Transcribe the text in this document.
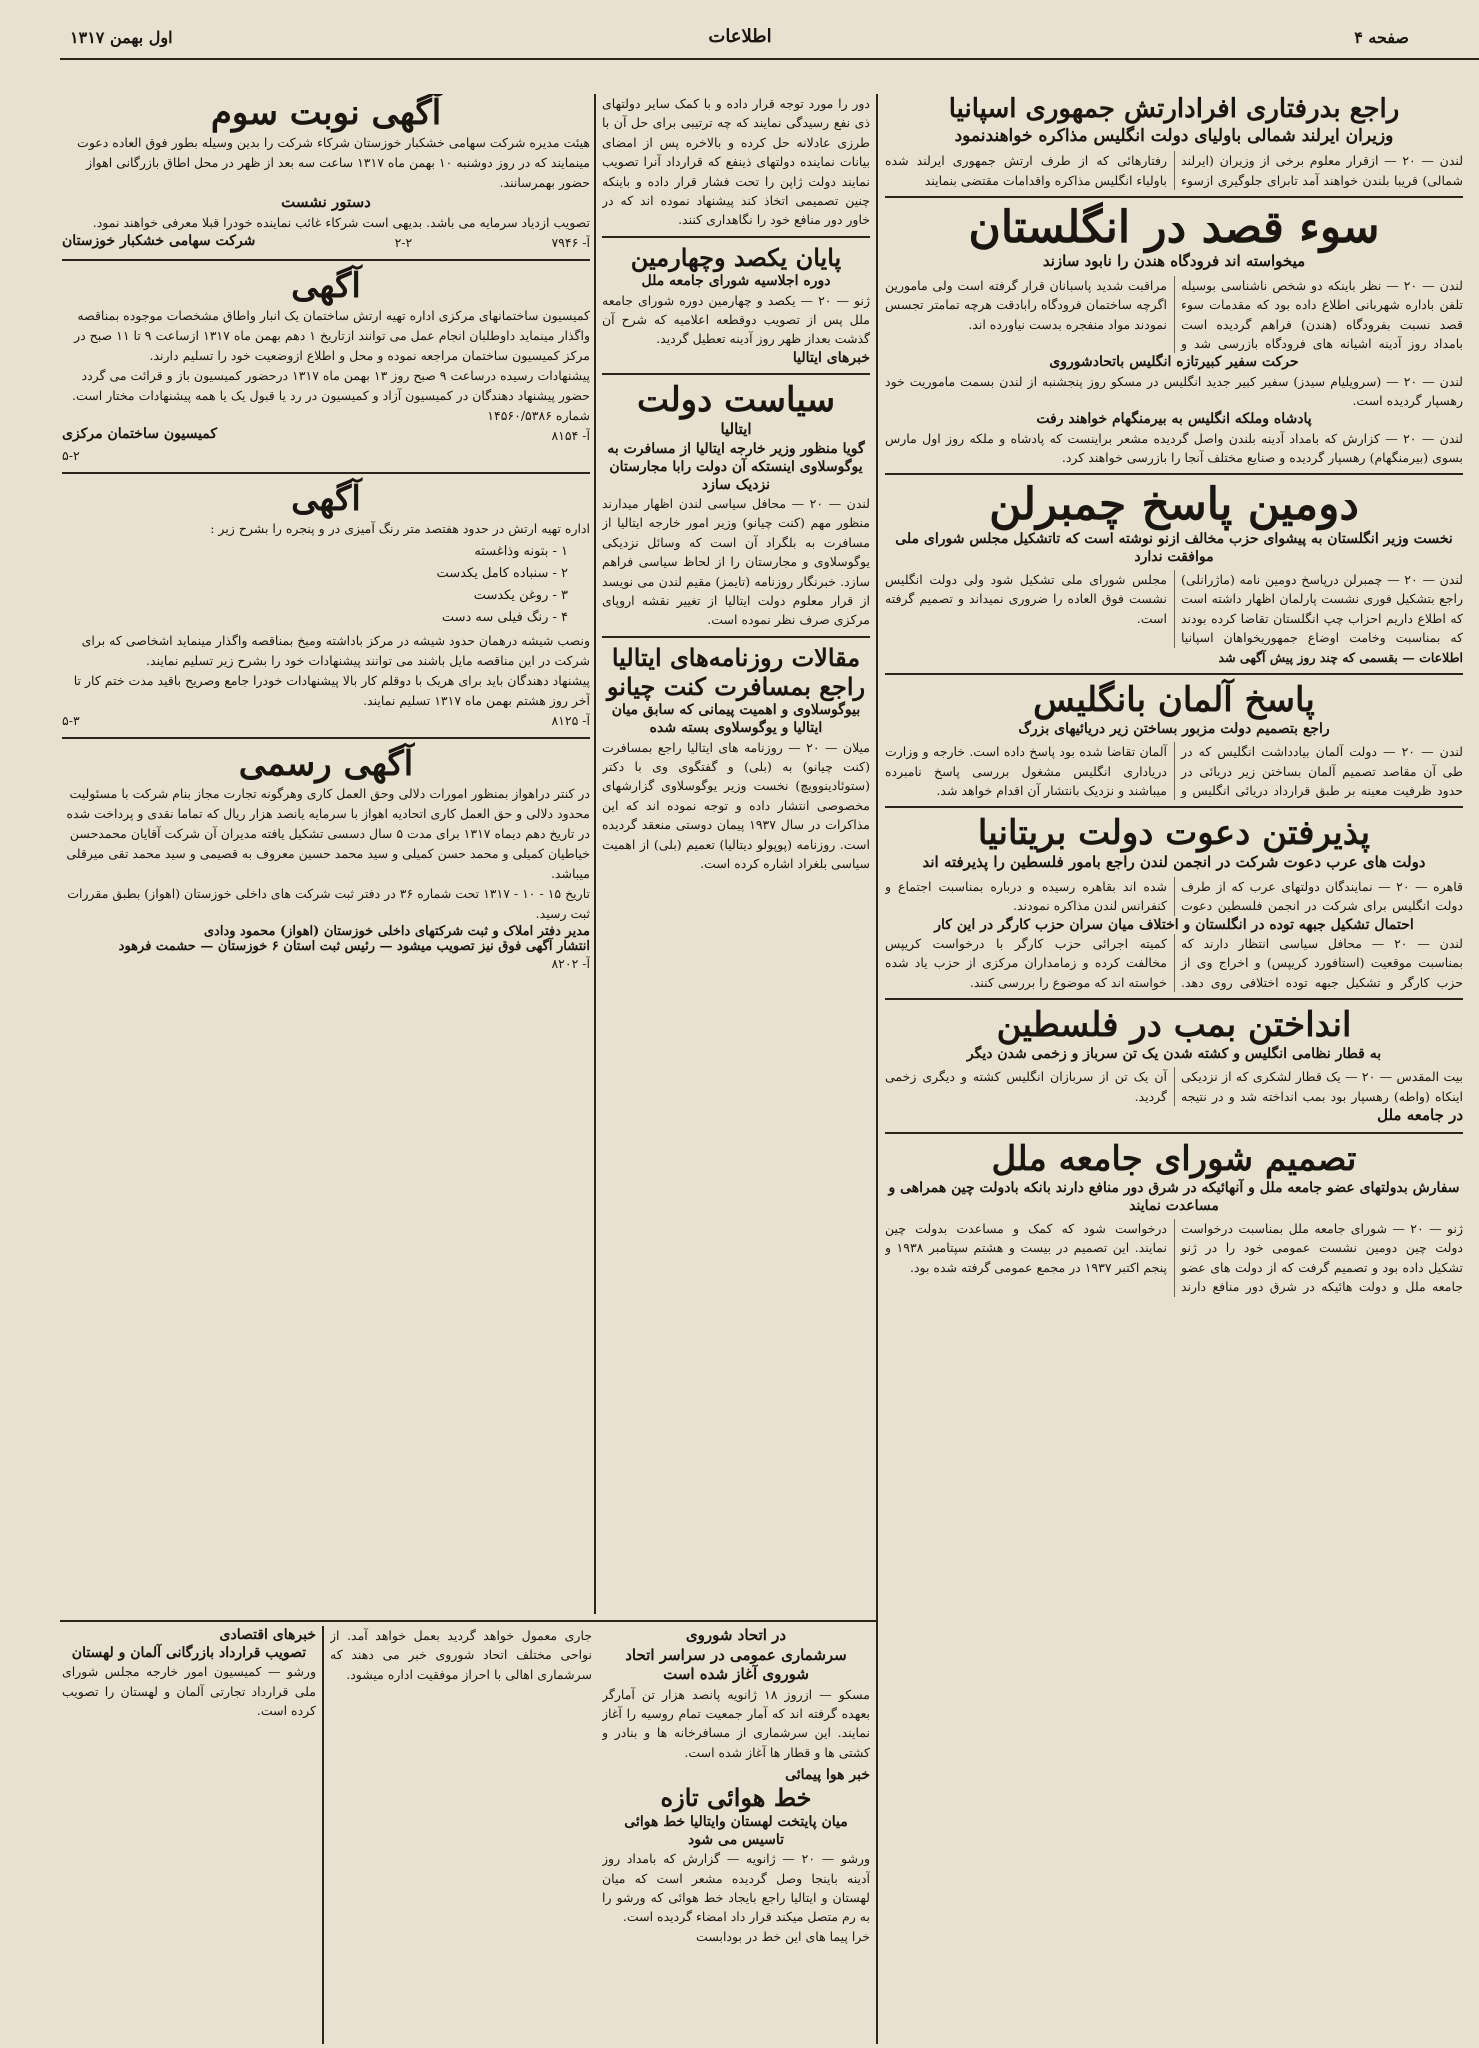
صفحه ۴
اطلاعات
اول بهمن ۱۳۱۷
راجع بدرفتاری افرادارتش جمهوری اسپانیا
وزیران ایرلند شمالی باولیای دولت انگلیس مذاکره خواهندنمود
لندن — ۲۰ — ازقرار معلوم برخی از وزیران (ایرلند شمالی) قریبا بلندن خواهند آمد تابرای جلوگیری ازسوء رفتارهائی که از طرف ارتش جمهوری ایرلند شده باولیاء انگلیس مذاکره واقدامات مقتضی بنمایند
سوء قصد در انگلستان
میخواسته اند فرودگاه هندن را نابود سازند
لندن — ۲۰ — نظر باینکه دو شخص ناشناسی بوسیله تلفن باداره شهربانی اطلاع داده بود که مقدمات سوء قصد نسبت بفرودگاه (هندن) فراهم گردیده است بامداد روز آدینه اشیانه های فرودگاه بازرسی شد و مراقبت شدید پاسبانان قرار گرفته است ولی مامورین اگرچه ساختمان فرودگاه رابادقت هرچه تمامتر تجسس نمودند مواد منفجره بدست نیاورده اند.
حرکت سفیر کبیرتازه انگلیس باتحادشوروی
لندن — ۲۰ — (سرویلیام سیدز) سفیر کبیر جدید انگلیس در مسکو روز پنجشنبه از لندن بسمت ماموریت خود رهسپار گردیده است.
پادشاه وملکه انگلیس به بیرمنگهام خواهند رفت
لندن — ۲۰ — کزارش که بامداد آدینه بلندن واصل گردیده مشعر براینست که پادشاه و ملکه روز اول مارس بسوی (بیرمنگهام) رهسپار گردیده و صنایع مختلف آنجا را بازرسی خواهند کرد.
دومین پاسخ چمبرلن
نخست وزیر انگلستان به پیشوای حزب مخالف ازنو نوشته است که تاتشکیل مجلس شورای ملی موافقت ندارد
لندن — ۲۰ — چمبرلن درپاسخ دومین نامه (ماژرانلی) راجع بتشکیل فوری نشست پارلمان اظهار داشته است که اطلاع داریم احزاب چپ انگلستان تقاضا کرده بودند که بمناسبت وخامت اوضاع جمهوریخواهان اسپانیا مجلس شورای ملی تشکیل شود ولی دولت انگلیس نشست فوق العاده را ضروری نمیداند و تصمیم گرفته است.
اطلاعات — بقسمی که چند روز پیش آگهی شد
پاسخ آلمان بانگلیس
راجع بتصمیم دولت مزبور بساختن زیر دریائیهای بزرگ
لندن — ۲۰ — دولت آلمان بیادداشت انگلیس که در طی آن مقاصد تصمیم آلمان بساختن زیر دریائی در حدود ظرفیت معینه بر طبق قرارداد دریائی انگلیس و آلمان تقاضا شده بود پاسخ داده است. خارجه و وزارت دریاداری انگلیس مشغول بررسی پاسخ نامبرده میباشند و نزدیک بانتشار آن اقدام خواهد شد.
پذیرفتن دعوت دولت بریتانیا
دولت های عرب دعوت شرکت در انجمن لندن راجع بامور فلسطین را پذیرفته اند
قاهره — ۲۰ — نمایندگان دولتهای عرب که از طرف دولت انگلیس برای شرکت در انجمن فلسطین دعوت شده اند بقاهره رسیده و درباره بمناسبت اجتماع و کنفرانس لندن مذاکره نمودند.
احتمال تشکیل جبهه توده در انگلستان و اختلاف میان سران حزب کارگر در این کار
لندن — ۲۰ — محافل سیاسی انتظار دارند که بمناسبت موقعیت (استافورد کریپس) و اخراج وی از حزب کارگر و تشکیل جبهه توده اختلافی روی دهد. کمیته اجرائی حزب کارگر با درخواست کریپس مخالفت کرده و زمامداران مرکزی از حزب یاد شده خواسته اند که موضوع را بررسی کنند.
انداختن بمب در فلسطین
به قطار نظامی انگلیس و کشته شدن یک تن سرباز و زخمی شدن دیگر
بیت المقدس — ۲۰ — یک قطار لشکری که از نزدیکی اینکاه (واطه) رهسپار بود بمب انداخته شد و در نتیجه آن یک تن از سربازان انگلیس کشته و دیگری زخمی گردید.
در جامعه ملل
تصمیم شورای جامعه ملل
سفارش بدولتهای عضو جامعه ملل و آنهائیکه در شرق دور منافع دارند بانکه بادولت چین همراهی و مساعدت نمایند
ژنو — ۲۰ — شورای جامعه ملل بمناسبت درخواست دولت چین دومین نشست عمومی خود را در ژنو تشکیل داده بود و تصمیم گرفت که از دولت های عضو جامعه ملل و دولت هائیکه در شرق دور منافع دارند درخواست شود که کمک و مساعدت بدولت چین نمایند. این تصمیم در بیست و هشتم سپتامبر ۱۹۳۸ و پنجم اکتبر ۱۹۳۷ در مجمع عمومی گرفته شده بود.
دور را مورد توجه قرار داده و با کمک سایر دولتهای ذی نفع رسیدگی نمایند که چه ترتیبی برای حل آن با طرزی عادلانه حل کرده و بالاخره پس از امضای بیانات نماینده دولتهای ذینفع که قرارداد آنرا تصویب نمایند دولت ژاپن را تحت فشار قرار داده و باینکه چنین تصمیمی اتخاذ کند پیشنهاد نموده اند که در خاور دور منافع خود را نگاهداری کنند.
پایان یکصد وچهارمین
دوره اجلاسیه شورای جامعه ملل
ژنو — ۲۰ — یکصد و چهارمین دوره شورای جامعه ملل پس از تصویب دوقطعه اعلامیه که شرح آن گذشت بعداز ظهر روز آدینه تعطیل گردید.
خبرهای ایتالیا
سیاست دولت
ایتالیا
گویا منظور وزیر خارجه ایتالیا از مسافرت به یوگوسلاوی اینستکه آن دولت رابا مجارستان نزدیک سازد
لندن — ۲۰ — محافل سیاسی لندن اظهار میدارند منظور مهم (کنت چیانو) وزیر امور خارجه ایتالیا از مسافرت به بلگراد آن است که وسائل نزدیکی یوگوسلاوی و مجارستان را از لحاظ سیاسی فراهم سازد. خبرنگار روزنامه (تایمز) مقیم لندن می نویسد از قرار معلوم دولت ایتالیا از تغییر نقشه اروپای مرکزی صرف نظر نموده است.
مقالات روزنامه‌های ایتالیا
راجع بمسافرت کنت چیانو
بیوگوسلاوی و اهمیت پیمانی که سابق میان ایتالیا و یوگوسلاوی بسته شده
میلان — ۲۰ — روزنامه های ایتالیا راجع بمسافرت (کنت چیانو) به (بلی) و گفتگوی وی با دکتر (ستوئادینوویچ) نخست وزیر یوگوسلاوی گزارشهای مخصوصی انتشار داده و توجه نموده اند که این مذاکرات در سال ۱۹۳۷ پیمان دوستی منعقد گردیده است. روزنامه (پوپولو دیتالیا) تعمیم (بلی) از اهمیت سیاسی بلغراد اشاره کرده است.
در اتحاد شوروی
سرشماری عمومی در سراسر اتحاد شوروی آغاز شده است
مسکو — ازروز ۱۸ ژانویه پانصد هزار تن آمارگر بعهده گرفته اند که آمار جمعیت تمام روسیه را آغاز نمایند. این سرشماری از مسافرخانه ها و بنادر و کشتی ها و قطار ها آغاز شده است.
خبر هوا پیمائی
خط هوائی تازه
میان پایتخت لهستان وایتالیا خط هوائی تاسیس می شود
ورشو — ۲۰ — ژانویه — گزارش که بامداد روز آدینه باینجا وصل گردیده مشعر است که میان لهستان و ایتالیا راجع بایجاد خط هوائی که ورشو را به رم متصل میکند قرار داد امضاء گردیده است.
خرا پیما های این خط در بودابست
جاری معمول خواهد گردید بعمل خواهد آمد. از نواحی مختلف اتحاد شوروی خبر می دهند که سرشماری اهالی با احراز موفقیت اداره میشود.
خبرهای اقتصادی
تصویب قرارداد بازرگانی آلمان و لهستان
ورشو — کمیسیون امور خارجه مجلس شورای ملی قرارداد تجارتی آلمان و لهستان را تصویب کرده است.
آگهی نوبت سوم
هیئت مدیره شرکت سهامی خشکبار خوزستان شرکاء شرکت را بدین وسیله بطور فوق العاده دعوت مینمایند که در روز دوشنبه ۱۰ بهمن ماه ۱۳۱۷ ساعت سه بعد از ظهر در محل اطاق بازرگانی اهواز حضور بهمرسانند.
دستور نشست
تصویب ازدیاد سرمایه می باشد. بدیهی است شرکاء غائب نماینده خودرا قبلا معرفی خواهند نمود.
آ- ۷۹۴۶
۲-۲
شرکت سهامی خشکبار خوزستان
آگهی
کمیسیون ساختمانهای مرکزی اداره تهیه ارتش ساختمان یک انبار واطاق مشخصات موجوده بمناقصه واگذار مینماید داوطلبان انجام عمل می توانند ازتاریخ ۱ دهم بهمن ماه ۱۳۱۷ ازساعت ۹ تا ۱۱ صبح در مرکز کمیسیون ساختمان مراجعه نموده و محل و اطلاع ازوضعیت خود را تسلیم دارند.
پیشنهادات رسیده درساعت ۹ صبح روز ۱۳ بهمن ماه ۱۳۱۷ درحضور کمیسیون باز و قرائت می گردد حضور پیشنهاد دهندگان در کمیسیون آزاد و کمیسیون در رد یا قبول یک یا همه پیشنهادات مختار است. شماره ۱۴۵۶۰/۵۳۸۶
آ- ۸۱۵۴
کمیسیون ساختمان مرکزی
۵-۲
آگهی
اداره تهیه ارتش در حدود هفتصد متر رنگ آمیزی در و پنجره را بشرح زیر :
۱ - بتونه وذاغسته
۲ - سنباده کامل یکدست
۳ - روغن یکدست
۴ - رنگ فیلی سه دست
ونصب شیشه درهمان حدود شیشه در مرکز باداشته ومیخ بمناقصه واگذار مینماید اشخاصی که برای شرکت در این مناقصه مایل باشند می توانند پیشنهادات خود را بشرح زیر تسلیم نمایند.
پیشنهاد دهندگان باید برای هریک با دوقلم کار بالا پیشنهادات خودرا جامع وصریح باقید مدت ختم کار تا آخر روز هشتم بهمن ماه ۱۳۱۷ تسلیم نمایند.
آ- ۸۱۲۵
۵-۳
آگهی رسمی
در کنتر دراهواز بمنظور امورات دلالی وحق العمل کاری وهرگونه تجارت مجاز بنام شرکت با مسئولیت محدود دلالی و حق العمل کاری اتحادیه اهواز با سرمایه یانصد هزار ریال که تماما نقدی و پرداخت شده در تاریخ دهم دیماه ۱۳۱۷ برای مدت ۵ سال دسسی تشکیل یافته مدیران آن شرکت آقایان محمدحسن خیاطیان کمیلی و محمد حسن کمیلی و سید محمد حسین معروف به قصیمی و سید محمد تقی میرقلی میباشد.
تاریخ ۱۵ - ۱۰ - ۱۳۱۷ تحت شماره ۳۶ در دفتر ثبت شرکت های داخلی خوزستان (اهواز) بطبق مقررات ثبت رسید.
مدیر دفتر املاک و ثبت شرکتهای داخلی خوزستان (اهواز) محمود ودادی
انتشار آگهی فوق نیز تصویب میشود — رئیس ثبت استان ۶ خوزستان — حشمت فرهود
آ- ۸۲۰۲
